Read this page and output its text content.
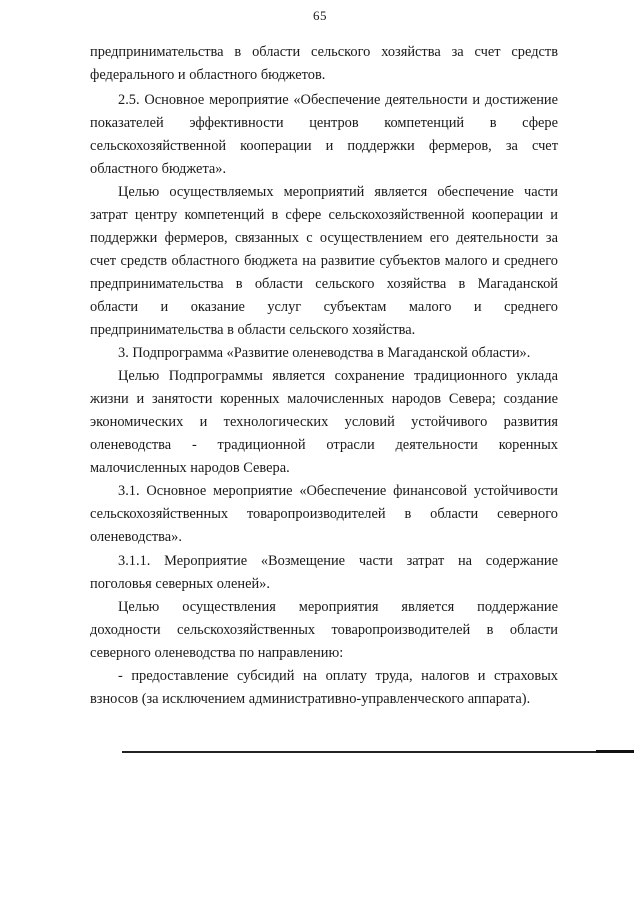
65
предпринимательства в области сельского хозяйства за счет средств
федерального и областного бюджетов.
2.5. Основное мероприятие «Обеспечение деятельности и достижение
показателей эффективности центров компетенций в сфере
сельскохозяйственной кооперации и поддержки фермеров, за счет
областного бюджета».
Целью осуществляемых мероприятий является обеспечение части
затрат центру компетенций в сфере сельскохозяйственной кооперации и
поддержки фермеров, связанных с осуществлением его деятельности за
счет средств областного бюджета на развитие субъектов малого и среднего
предпринимательства в области сельского хозяйства в Магаданской
области и оказание услуг субъектам малого и среднего
предпринимательства в области сельского хозяйства.
3. Подпрограмма «Развитие оленеводства в Магаданской области».
Целью Подпрограммы является сохранение традиционного уклада
жизни и занятости коренных малочисленных народов Севера; создание
экономических и технологических условий устойчивого развития
оленеводства - традиционной отрасли деятельности коренных
малочисленных народов Севера.
3.1. Основное мероприятие «Обеспечение финансовой устойчивости
сельскохозяйственных товаропроизводителей в области северного
оленеводства».
3.1.1. Мероприятие «Возмещение части затрат на содержание
поголовья северных оленей».
Целью осуществления мероприятия является поддержание
доходности сельскохозяйственных товаропроизводителей в области
северного оленеводства по направлению:
- предоставление субсидий на оплату труда, налогов и страховых
взносов (за исключением административно-управленческого аппарата).
